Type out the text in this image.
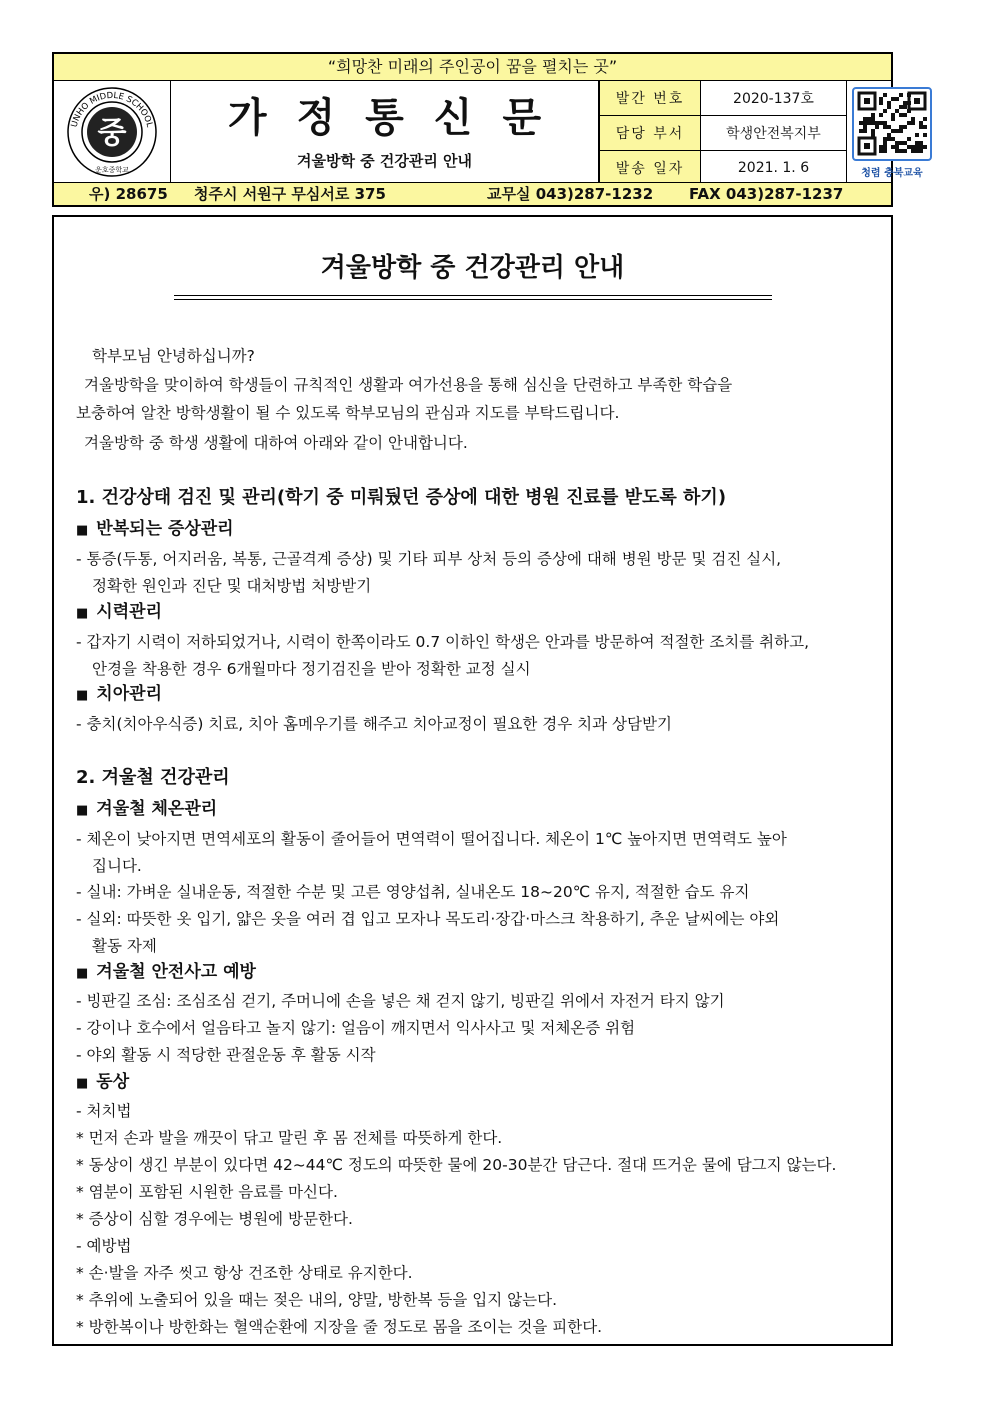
“희망찬 미래의 주인공이 꿈을 펼치는 곳”
UNHO MIDDLE SCHOOL
중
운호중학교
가정통신문
겨울방학 중 건강관리 안내
발간 번호	2020-137호
담당 부서	학생안전복지부
발송 일자	2021. 1. 6	청렴 충북교육
우) 28675 청주시 서원구 무심서로 375	교무실 043)287-1232 FAX 043)287-1237
겨울방학 중 건강관리 안내
학부모님 안녕하십니까?
겨울방학을 맞이하여 학생들이 규칙적인 생활과 여가선용을 통해 심신을 단련하고 부족한 학습을
보충하여 알찬 방학생활이 될 수 있도록 학부모님의 관심과 지도를 부탁드립니다.
겨울방학 중 학생 생활에 대하여 아래와 같이 안내합니다.
1. 건강상태 검진 및 관리(학기 중 미뤄뒀던 증상에 대한 병원 진료를 받도록 하기)
■ 반복되는 증상관리
- 통증(두통, 어지러움, 복통, 근골격계 증상) 및 기타 피부 상처 등의 증상에 대해 병원 방문 및 검진 실시,
정확한 원인과 진단 및 대처방법 처방받기
■ 시력관리
- 갑자기 시력이 저하되었거나, 시력이 한쪽이라도 0.7 이하인 학생은 안과를 방문하여 적절한 조치를 취하고,
안경을 착용한 경우 6개월마다 정기검진을 받아 정확한 교정 실시
■ 치아관리
- 충치(치아우식증) 치료, 치아 홈메우기를 해주고 치아교정이 필요한 경우 치과 상담받기
2. 겨울철 건강관리
■ 겨울철 체온관리
- 체온이 낮아지면 면역세포의 활동이 줄어들어 면역력이 떨어집니다. 체온이 1℃ 높아지면 면역력도 높아
집니다.
- 실내: 가벼운 실내운동, 적절한 수분 및 고른 영양섭취, 실내온도 18~20℃ 유지, 적절한 습도 유지
- 실외: 따뜻한 옷 입기, 얇은 옷을 여러 겹 입고 모자나 목도리·장갑·마스크 착용하기, 추운 날씨에는 야외
활동 자제
■ 겨울철 안전사고 예방
- 빙판길 조심: 조심조심 걷기, 주머니에 손을 넣은 채 걷지 않기, 빙판길 위에서 자전거 타지 않기
- 강이나 호수에서 얼음타고 놀지 않기: 얼음이 깨지면서 익사사고 및 저체온증 위험
- 야외 활동 시 적당한 관절운동 후 활동 시작
■ 동상
- 처치법
* 먼저 손과 발을 깨끗이 닦고 말린 후 몸 전체를 따뜻하게 한다.
* 동상이 생긴 부분이 있다면 42~44℃ 정도의 따뜻한 물에 20-30분간 담근다. 절대 뜨거운 물에 담그지 않는다.
* 염분이 포함된 시원한 음료를 마신다.
* 증상이 심할 경우에는 병원에 방문한다.
- 예방법
* 손·발을 자주 씻고 항상 건조한 상태로 유지한다.
* 추위에 노출되어 있을 때는 젖은 내의, 양말, 방한복 등을 입지 않는다.
* 방한복이나 방한화는 혈액순환에 지장을 줄 정도로 몸을 조이는 것을 피한다.
